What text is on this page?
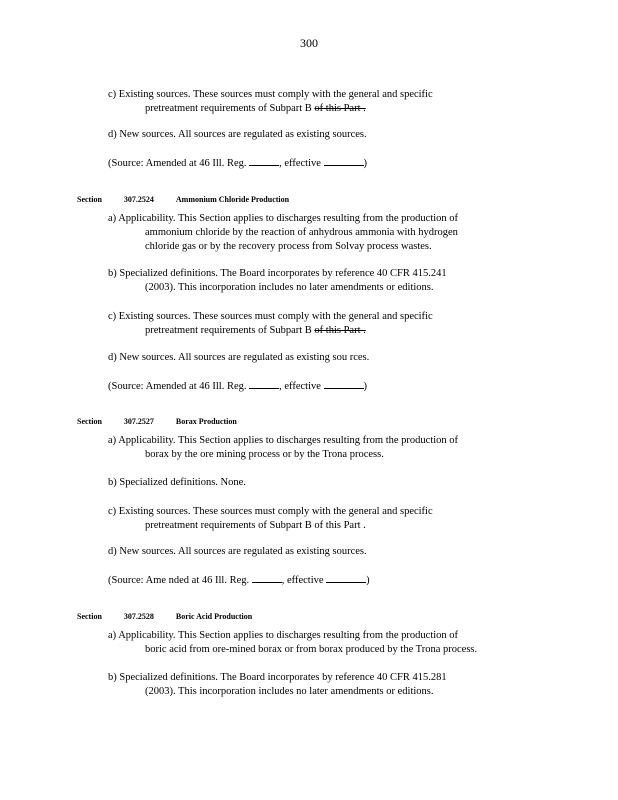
300
c) Existing sources. These sources must comply with the general and specific
pretreatment requirements of Subpart B of this Part .
d) New sources. All sources are regulated as existing sources.
(Source: Amended at 46 Ill. Reg.	, effective	)

Section	307.2524	Ammonium Chloride Production

a) Applicability. This Section applies to discharges resulting from the production of
ammonium chloride by the reaction of anhydrous ammonia with hydrogen
chloride gas or by the recovery process from Solvay process wastes.
b) Specialized definitions. The Board incorporates by reference 40 CFR 415.241
(2003). This incorporation includes no later amendments or editions.
c) Existing sources. These sources must comply with the general and specific
pretreatment requirements of Subpart B of this Part .
d) New sources. All sources are regulated as existing sou rces.
(Source: Amended at 46 Ill. Reg.	, effective	)

Section	307.2527	Borax Production

a) Applicability. This Section applies to discharges resulting from the production of
borax by the ore mining process or by the Trona process.
b) Specialized definitions. None.
c) Existing sources. These sources must comply with the general and specific
pretreatment requirements of Subpart B of this Part .
d) New sources. All sources are regulated as existing sources.
(Source: Ame nded at 46 Ill. Reg.	, effective	)

Section	307.2528	Boric Acid Production

a) Applicability. This Section applies to discharges resulting from the production of
boric acid from ore-mined borax or from borax produced by the Trona process.
b) Specialized definitions. The Board incorporates by reference 40 CFR 415.281
(2003). This incorporation includes no later amendments or editions.
